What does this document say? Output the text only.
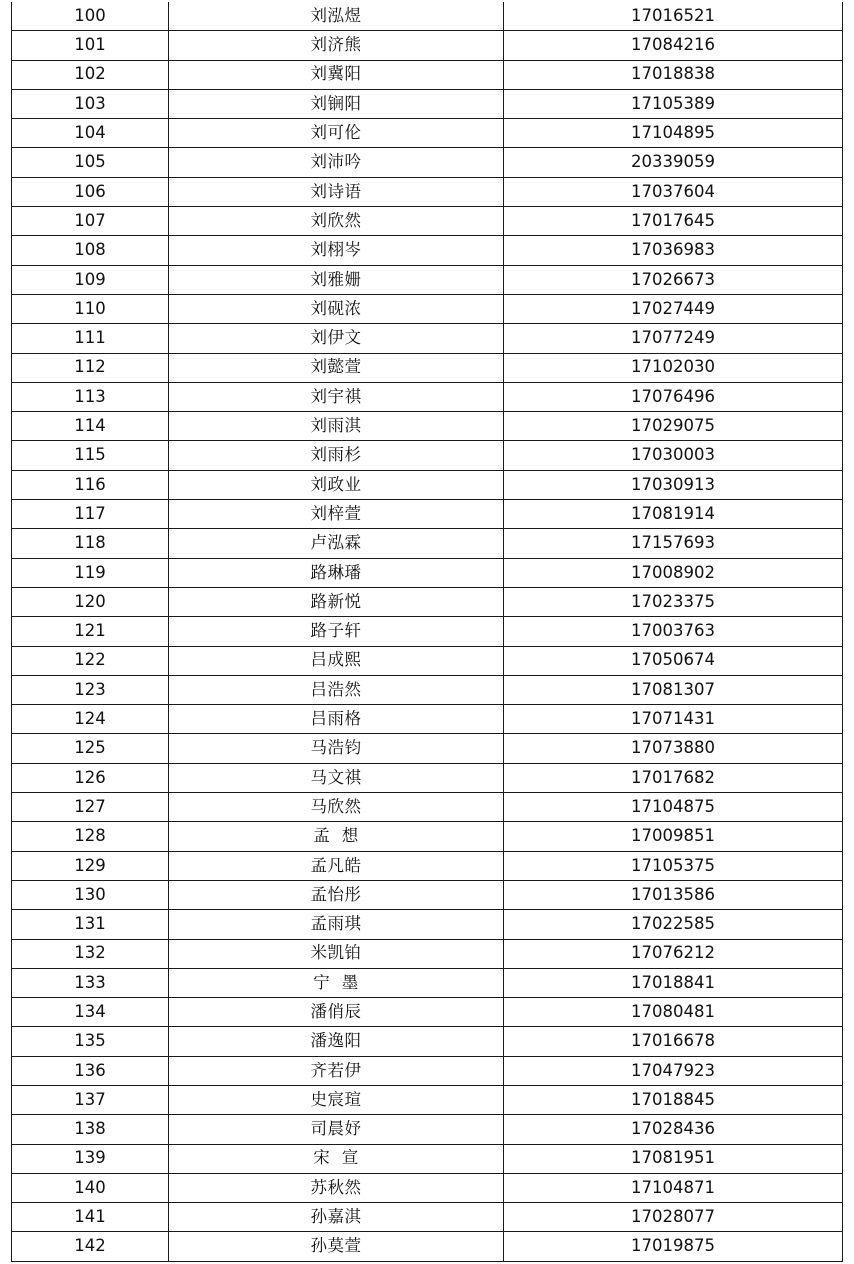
100	刘泓煜	17016521
101	刘济熊	17084216
102	刘冀阳	17018838
103	刘锎阳	17105389
104	刘可伦	17104895
105	刘沛吟	20339059
106	刘诗语	17037604
107	刘欣然	17017645
108	刘栩岑	17036983
109	刘雅姗	17026673
110	刘砚浓	17027449
111	刘伊文	17077249
112	刘懿萱	17102030
113	刘宇祺	17076496
114	刘雨淇	17029075
115	刘雨杉	17030003
116	刘政业	17030913
117	刘梓萱	17081914
118	卢泓霖	17157693
119	路琳璠	17008902
120	路新悦	17023375
121	路子轩	17003763
122	吕成熙	17050674
123	吕浩然	17081307
124	吕雨格	17071431
125	马浩钧	17073880
126	马文祺	17017682
127	马欣然	17104875
128	孟  想	17009851
129	孟凡皓	17105375
130	孟怡彤	17013586
131	孟雨琪	17022585
132	米凯铂	17076212
133	宁  墨	17018841
134	潘俏辰	17080481
135	潘逸阳	17016678
136	齐若伊	17047923
137	史宸瑄	17018845
138	司晨妤	17028436
139	宋  宣	17081951
140	苏秋然	17104871
141	孙嘉淇	17028077
142	孙莫萱	17019875
